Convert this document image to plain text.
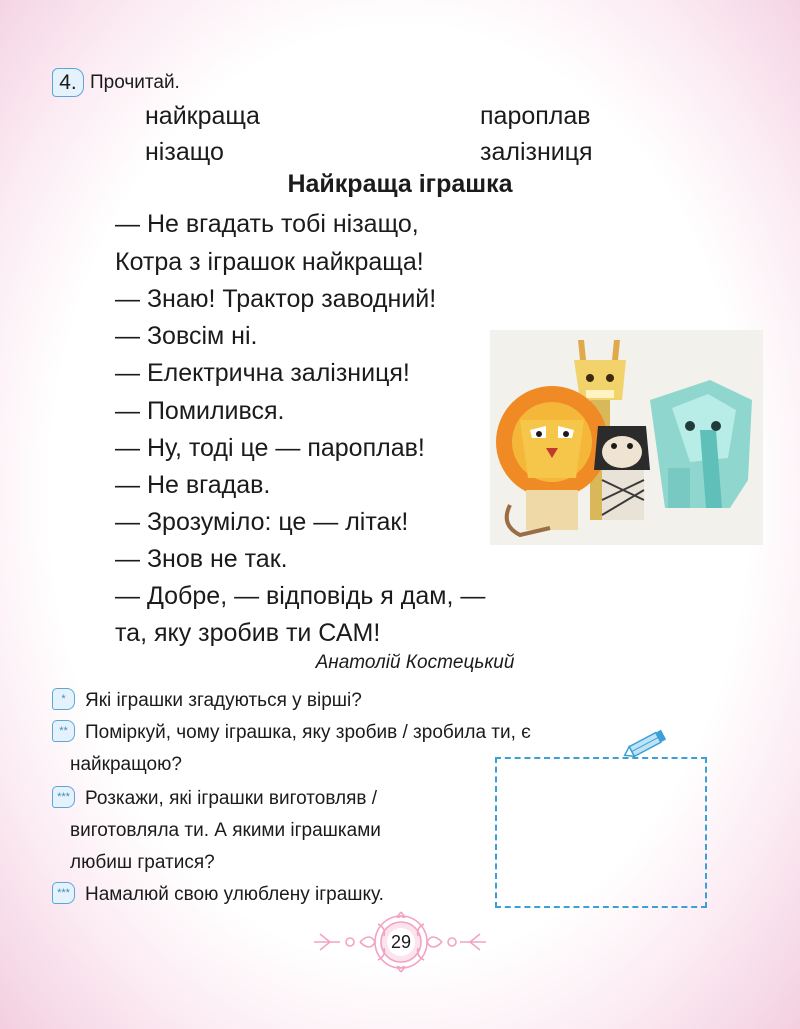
4. Прочитай.
найкраща	пароплав
нізащо	залізниця
Найкраща іграшка
— Не вгадать тобі нізащо,
Котра з іграшок найкраща!
— Знаю! Трактор заводний!
— Зовсім ні.
— Електрична залізниця!
— Помилився.
— Ну, тоді це — пароплав!
— Не вгадав.
— Зрозуміло: це — літак!
— Знов не так.
— Добре, — відповідь я дам, —
та, яку зробив ти САМ!
Анатолій Костецький
* Які іграшки згадуються у вірші?
** Поміркуй, чому іграшка, яку зробив / зробила ти, є
найкращою?
*** Розкажи, які іграшки виготовляв /
виготовляла ти. А якими іграшками
любиш гратися?
*** Намалюй свою улюблену іграшку.
29
